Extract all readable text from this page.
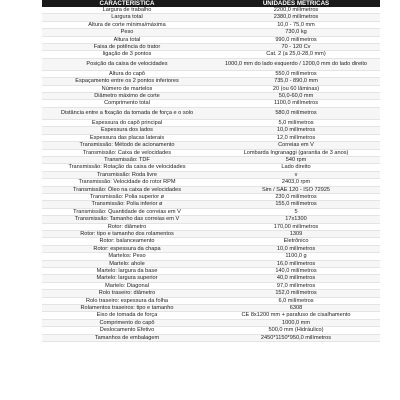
CARACTERÍSTICA	UNIDADES MÉTRICAS
Largura de trabalho	2200,0 milímetros
Largura total	2380,0 milímetros
Altura de corte mínima/máxima	10,0 - 75,0 mm
Peso	730,0 kg
Altura total	990,0 milímetros
Faixa de potência do trator	70 - 120 Cv
ligação de 3 pontos	Cat. 2 (a 25,0-28,0 mm)
Posição da caixa de velocidades	1000,0 mm do lado esquerdo / 1200,0 mm do lado direito
Altura do capô	550,0 milímetros
Espaçamento entre os 2 pontos inferiores	735,0 - 890,0 mm
Número de martelos	20 (ou 60 lâminas)
Diâmetro máximo de corte	50,0-60,0 mm
Comprimento total	1100,0 milímetros
Distância entre a fixação da tomada de força e o solo	580,0 milímetros
Espessura do capô principal	5,0 milímetros
Espessura dos lados	10,0 milímetros
Espessura das placas laterais	12,0 milímetros
Transmissão: Método de acionamento	Correias em V
Transmissão: Caixa de velocidades	Lombarda Ingranaggi (garantia de 3 anos)
Transmissão: TDF	540 rpm
Transmissão: Rotação da caixa de velocidades	Lado direito
Transmissão: Roda livre	v
Transmissão: Velocidade do rotor RPM	2403,0 rpm
Transmissão: Óleo na caixa de velocidades	Sim / SAE 120 - ISO 72925
Transmissão: Polia superior ø	230,0 milímetros
Transmissão: Polia inferior ø	155,0 milímetros
Transmissão: Quantidade de correias em V	5
Transmissão: Tamanho das correias em V	17x1300
Rotor: diâmetro	170,00 milímetros
Rotor: tipo e tamanho dos rolamentos	1309
Rotor: balanceamento	Eletrônico
Rotor: espessura da chapa	10,0 milímetros
Martelos: Peso	1100,0 g
Martelo: ahole	16,0 milímetros
Martelo: largura da base	140,0 milímetros
Martelo: largura superior	40,0 milímetros
Martelo: Diagonal	97,0 milímetros
Rolo traseiro: diâmetro	152,0 milímetros
Rolo traseiro: espessura da folha	6,0 milímetros
Rolamentos traseiros: tipo e tamanho	6308
Eixo de tomada de força	CE 8x1200 mm + parafuso de cisalhamento
Comprimento do capô	1000,0 mm
Deslocamento Efetivo	500,0 mm (Hidráulico)
Tamanhos de embalagem	2450*1150*950,0 milímetros
